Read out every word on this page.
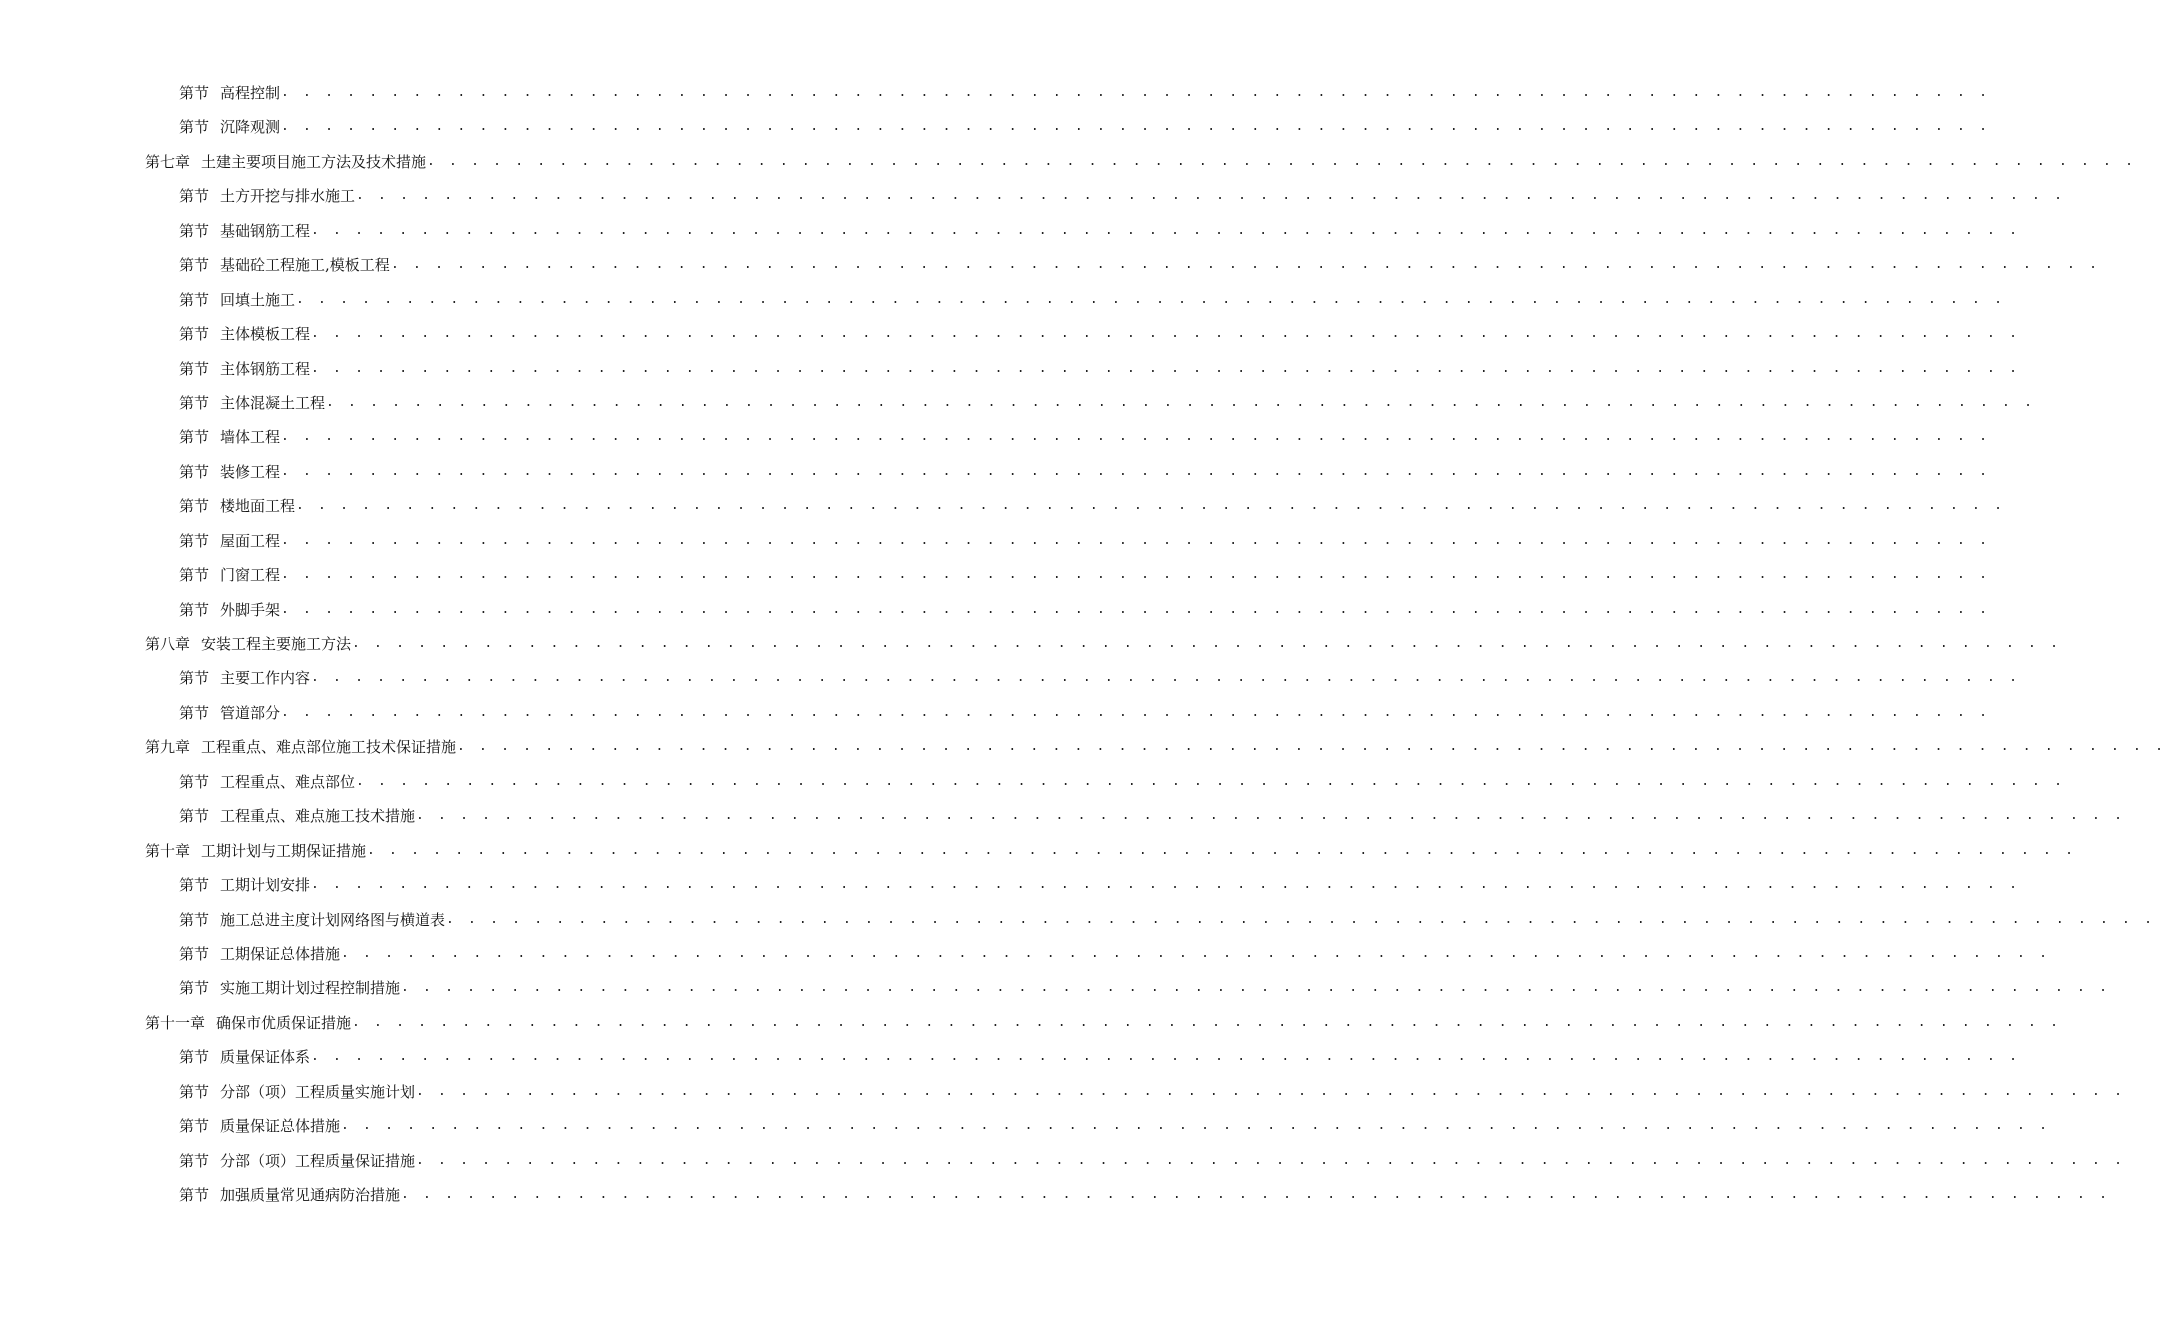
. . . . . . . . . . . . . . . . . . . . . . . . . . . . . . . . . . . . . . . . . . . . . . . . . . . . . . . . . . . . . . . . . . . . . . . . . . . . . .
第节 高程控制
. . . . . . . . . . . . . . . . . . . . . . . . . . . . . . . . . . . . . . . . . . . . . . . . . . . . . . . . . . . . . . . . . . . . . . . . . . . . . .
第节 沉降观测
. . . . . . . . . . . . . . . . . . . . . . . . . . . . . . . . . . . . . . . . . . . . . . . . . . . . . . . . . . . . . . . . . . . . . . . . . . . . . .
第七章 土建主要项目施工方法及技术措施
. . . . . . . . . . . . . . . . . . . . . . . . . . . . . . . . . . . . . . . . . . . . . . . . . . . . . . . . . . . . . . . . . . . . . . . . . . . . . .
第节 土方开挖与排水施工
. . . . . . . . . . . . . . . . . . . . . . . . . . . . . . . . . . . . . . . . . . . . . . . . . . . . . . . . . . . . . . . . . . . . . . . . . . . . . .
第节 基础钢筋工程
. . . . . . . . . . . . . . . . . . . . . . . . . . . . . . . . . . . . . . . . . . . . . . . . . . . . . . . . . . . . . . . . . . . . . . . . . . . . . .
第节 基础砼工程施工,模板工程
. . . . . . . . . . . . . . . . . . . . . . . . . . . . . . . . . . . . . . . . . . . . . . . . . . . . . . . . . . . . . . . . . . . . . . . . . . . . . .
第节 回填土施工
. . . . . . . . . . . . . . . . . . . . . . . . . . . . . . . . . . . . . . . . . . . . . . . . . . . . . . . . . . . . . . . . . . . . . . . . . . . . . .
第节 主体模板工程
. . . . . . . . . . . . . . . . . . . . . . . . . . . . . . . . . . . . . . . . . . . . . . . . . . . . . . . . . . . . . . . . . . . . . . . . . . . . . .
第节 主体钢筋工程
. . . . . . . . . . . . . . . . . . . . . . . . . . . . . . . . . . . . . . . . . . . . . . . . . . . . . . . . . . . . . . . . . . . . . . . . . . . . . .
第节 主体混凝土工程
. . . . . . . . . . . . . . . . . . . . . . . . . . . . . . . . . . . . . . . . . . . . . . . . . . . . . . . . . . . . . . . . . . . . . . . . . . . . . .
第节 墙体工程
. . . . . . . . . . . . . . . . . . . . . . . . . . . . . . . . . . . . . . . . . . . . . . . . . . . . . . . . . . . . . . . . . . . . . . . . . . . . . .
第节 装修工程
. . . . . . . . . . . . . . . . . . . . . . . . . . . . . . . . . . . . . . . . . . . . . . . . . . . . . . . . . . . . . . . . . . . . . . . . . . . . . .
第节 楼地面工程
. . . . . . . . . . . . . . . . . . . . . . . . . . . . . . . . . . . . . . . . . . . . . . . . . . . . . . . . . . . . . . . . . . . . . . . . . . . . . .
第节 屋面工程
. . . . . . . . . . . . . . . . . . . . . . . . . . . . . . . . . . . . . . . . . . . . . . . . . . . . . . . . . . . . . . . . . . . . . . . . . . . . . .
第节 门窗工程
. . . . . . . . . . . . . . . . . . . . . . . . . . . . . . . . . . . . . . . . . . . . . . . . . . . . . . . . . . . . . . . . . . . . . . . . . . . . . .
第节 外脚手架
. . . . . . . . . . . . . . . . . . . . . . . . . . . . . . . . . . . . . . . . . . . . . . . . . . . . . . . . . . . . . . . . . . . . . . . . . . . . . .
第八章 安装工程主要施工方法
. . . . . . . . . . . . . . . . . . . . . . . . . . . . . . . . . . . . . . . . . . . . . . . . . . . . . . . . . . . . . . . . . . . . . . . . . . . . . .
第节 主要工作内容
. . . . . . . . . . . . . . . . . . . . . . . . . . . . . . . . . . . . . . . . . . . . . . . . . . . . . . . . . . . . . . . . . . . . . . . . . . . . . .
第节 管道部分
. . . . . . . . . . . . . . . . . . . . . . . . . . . . . . . . . . . . . . . . . . . . . . . . . . . . . . . . . . . . . . . . . . . . . . . . . . . . . .
第九章 工程重点、难点部位施工技术保证措施
. . . . . . . . . . . . . . . . . . . . . . . . . . . . . . . . . . . . . . . . . . . . . . . . . . . . . . . . . . . . . . . . . . . . . . . . . . . . . .
第节 工程重点、难点部位
. . . . . . . . . . . . . . . . . . . . . . . . . . . . . . . . . . . . . . . . . . . . . . . . . . . . . . . . . . . . . . . . . . . . . . . . . . . . . .
第节 工程重点、难点施工技术措施
. . . . . . . . . . . . . . . . . . . . . . . . . . . . . . . . . . . . . . . . . . . . . . . . . . . . . . . . . . . . . . . . . . . . . . . . . . . . . .
第十章 工期计划与工期保证措施
. . . . . . . . . . . . . . . . . . . . . . . . . . . . . . . . . . . . . . . . . . . . . . . . . . . . . . . . . . . . . . . . . . . . . . . . . . . . . .
第节 工期计划安排
. . . . . . . . . . . . . . . . . . . . . . . . . . . . . . . . . . . . . . . . . . . . . . . . . . . . . . . . . . . . . . . . . . . . . . . . . . . . . .
第节 施工总进主度计划网络图与横道表
. . . . . . . . . . . . . . . . . . . . . . . . . . . . . . . . . . . . . . . . . . . . . . . . . . . . . . . . . . . . . . . . . . . . . . . . . . . . . .
第节 工期保证总体措施
. . . . . . . . . . . . . . . . . . . . . . . . . . . . . . . . . . . . . . . . . . . . . . . . . . . . . . . . . . . . . . . . . . . . . . . . . . . . . .
第节 实施工期计划过程控制措施
. . . . . . . . . . . . . . . . . . . . . . . . . . . . . . . . . . . . . . . . . . . . . . . . . . . . . . . . . . . . . . . . . . . . . . . . . . . . . .
第十一章 确保市优质保证措施
. . . . . . . . . . . . . . . . . . . . . . . . . . . . . . . . . . . . . . . . . . . . . . . . . . . . . . . . . . . . . . . . . . . . . . . . . . . . . .
第节 质量保证体系
. . . . . . . . . . . . . . . . . . . . . . . . . . . . . . . . . . . . . . . . . . . . . . . . . . . . . . . . . . . . . . . . . . . . . . . . . . . . . .
第节 分部（项）工程质量实施计划
. . . . . . . . . . . . . . . . . . . . . . . . . . . . . . . . . . . . . . . . . . . . . . . . . . . . . . . . . . . . . . . . . . . . . . . . . . . . . .
第节 质量保证总体措施
. . . . . . . . . . . . . . . . . . . . . . . . . . . . . . . . . . . . . . . . . . . . . . . . . . . . . . . . . . . . . . . . . . . . . . . . . . . . . .
第节 分部（项）工程质量保证措施
. . . . . . . . . . . . . . . . . . . . . . . . . . . . . . . . . . . . . . . . . . . . . . . . . . . . . . . . . . . . . . . . . . . . . . . . . . . . . .
第节 加强质量常见通病防治措施
